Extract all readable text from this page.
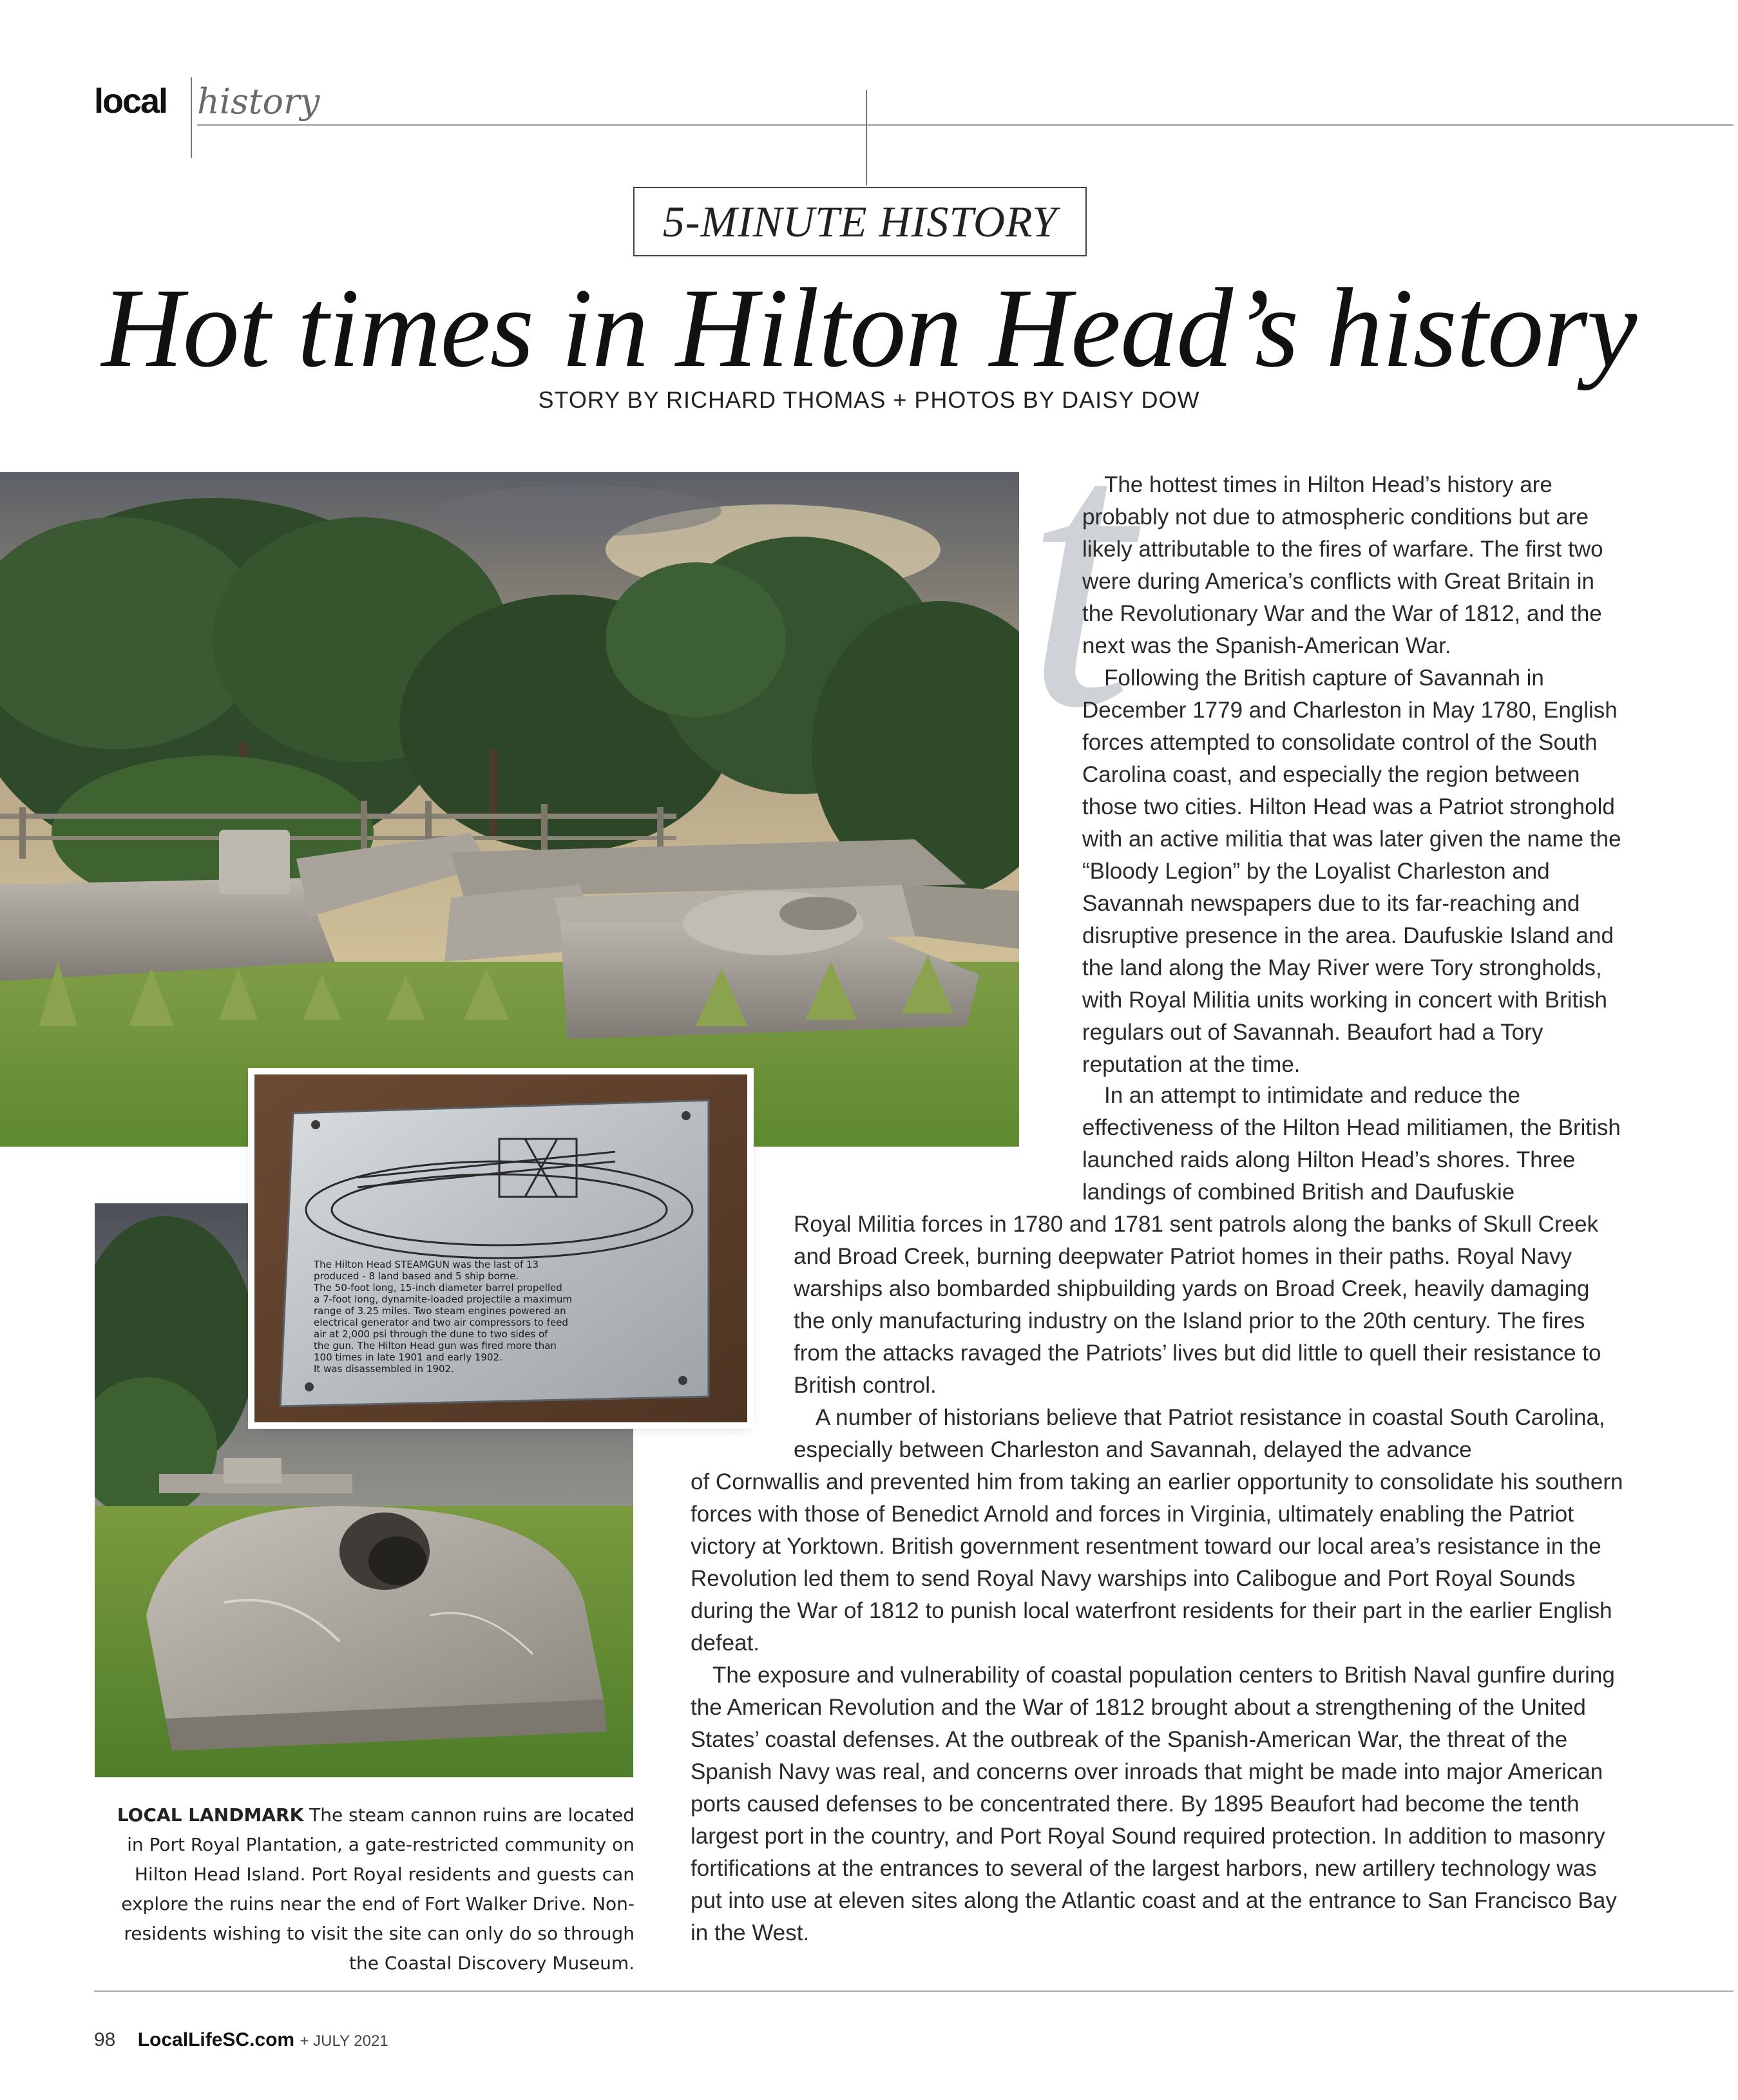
local history
5-MINUTE HISTORY
Hot times in Hilton Head’s history
STORY BY RICHARD THOMAS + PHOTOS BY DAISY DOW
t
The Hilton Head STEAMGUN was the last of 13
produced - 8 land based and 5 ship borne.
The 50-foot long, 15-inch diameter barrel propelled
a 7-foot long, dynamite-loaded projectile a maximum
range of 3.25 miles. Two steam engines powered an
electrical generator and two air compressors to feed
air at 2,000 psi through the dune to two sides of
the gun. The Hilton Head gun was fired more than
100 times in late 1901 and early 1902.
It was disassembled in 1902.

The hottest times in Hilton Head’s history are probably not due to atmospheric conditions but are likely attributable to the fires of warfare. The first two were during America’s conflicts with Great Britain in the Revolutionary War and the War of 1812, and the next was the Spanish-American War.

Following the British capture of Savannah in December 1779 and Charleston in May 1780, English forces attempted to consolidate control of the South Carolina coast, and especially the region between those two cities. Hilton Head was a Patriot stronghold with an active militia that was later given the name the “Bloody Legion” by the Loyalist Charleston and Savannah newspapers due to its far-reaching and disruptive presence in the area. Daufuskie Island and the land along the May River were Tory strongholds, with Royal Militia units working in concert with British regulars out of Savannah. Beaufort had a Tory reputation at the time.

In an attempt to intimidate and reduce the effectiveness of the Hilton Head militiamen, the British launched raids along Hilton Head’s shores. Three landings of combined British and Daufuskie

Royal Militia forces in 1780 and 1781 sent patrols along the banks of Skull Creek and Broad Creek, burning deepwater Patriot homes in their paths. Royal Navy warships also bombarded shipbuilding yards on Broad Creek, heavily damaging the only manufacturing industry on the Island prior to the 20th century. The fires from the attacks ravaged the Patriots’ lives but did little to quell their resistance to British control.

A number of historians believe that Patriot resistance in coastal South Carolina, especially between Charleston and Savannah, delayed the advance

of Cornwallis and prevented him from taking an earlier opportunity to consolidate his southern forces with those of Benedict Arnold and forces in Virginia, ultimately enabling the Patriot victory at Yorktown. British government resentment toward our local area’s resistance in the Revolution led them to send Royal Navy warships into Calibogue and Port Royal Sounds during the War of 1812 to punish local waterfront residents for their part in the earlier English defeat.

The exposure and vulnerability of coastal population centers to British Naval gunfire during the American Revolution and the War of 1812 brought about a strengthening of the United States’ coastal defenses. At the outbreak of the Spanish-American War, the threat of the Spanish Navy was real, and concerns over inroads that might be made into major American ports caused defenses to be concentrated there. By 1895 Beaufort had become the tenth largest port in the country, and Port Royal Sound required protection. In addition to masonry fortifications at the entrances to several of the largest harbors, new artillery technology was put into use at eleven sites along the Atlantic coast and at the entrance to San Francisco Bay in the West.

LOCAL LANDMARK The steam cannon ruins are located in Port Royal Plantation, a gate-restricted community on Hilton Head Island. Port Royal residents and guests can explore the ruins near the end of Fort Walker Drive. Non-residents wishing to visit the site can only do so through the Coastal Discovery Museum.
98 LocalLifeSC.com + JULY 2021
